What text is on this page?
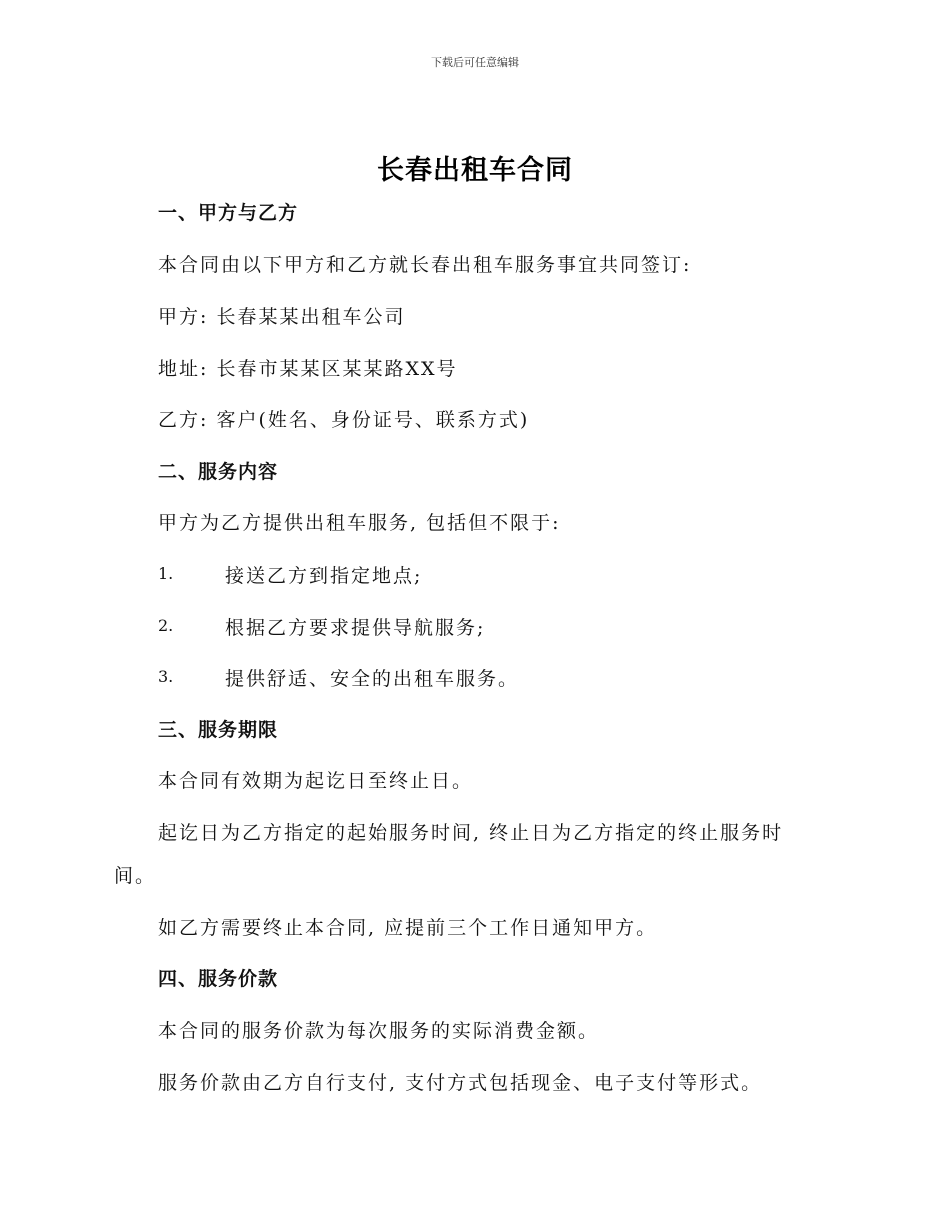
下载后可任意编辑
长春出租车合同
一、甲方与乙方
本合同由以下甲方和乙方就长春出租车服务事宜共同签订:
甲方: 长春某某出租车公司
地址: 长春市某某区某某路XX号
乙方: 客户(姓名、身份证号、联系方式)
二、服务内容
甲方为乙方提供出租车服务, 包括但不限于:
1.	接送乙方到指定地点;
2.	根据乙方要求提供导航服务;
3.	提供舒适、安全的出租车服务。
三、服务期限
本合同有效期为起讫日至终止日。
起讫日为乙方指定的起始服务时间, 终止日为乙方指定的终止服务时
间。
如乙方需要终止本合同, 应提前三个工作日通知甲方。
四、服务价款
本合同的服务价款为每次服务的实际消费金额。
服务价款由乙方自行支付, 支付方式包括现金、电子支付等形式。
